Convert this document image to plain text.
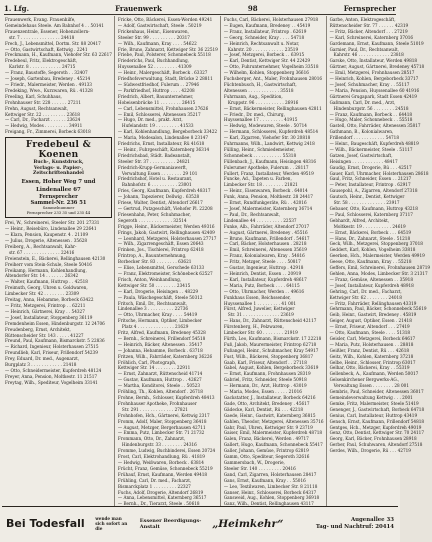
1. Lfg.	Frauenwerk	98	Fernsprecher
Frauenwerk, Evang. Frauenhilfe,
Gemeindehaus Steele. Am Bahnhof 4 . . 50141
Frauenzentrale, Essener, Hohenzollern-
str. 7 . . . . . . . . . . . . . . . 24418
Frech, J., Lebensmittel, Dortm. Str. 88 20417
— Otto, Gastwirtschaft, Kettwig . 2241
Freckmann, H., Kaufmann, Viehofer Str. 63 22617
Fredebeul, Fritz, Elektrogeschäft,
Karlstr. 8 . . . . . . . . . . . . 24715
— Franz, Baustoffe, Segeroth . . 32407
— Joseph, Gartenbau, Bredeney . 45214
— Friedr., Malermeister, Werden . 49133
Fredeking, Wwe., Kurzwaren, Rü . 41328
Freeling, Karl, Schuhhaus,
Frohnhauser Str. 228 . . . . . . 27211
Frehn, August, Rechtsanwalt,
Kettwiger Str. 22 . . . . . . . . . 23618
— Carl, Dr., Facharzt . . . . . . 23624
— Hedwig, Modes . . . . . . . . . 34911
Freigang, Fr., Zimmerei, Borbeck 63018
Fredebeul &
Koenen
Buch-, Kunstdruck,
Verlags- u. Papier-,
Zeitschriftenhandel
Essen, Hoher Weg 7 und
Lindenallee 67
Fernsprecher
Sammel-Nr. 236 51
Sammelnummer
Fernsprecher 233 35 und 235 44
Frei, W., Schreinerei, Steeler Str. 201 27331
— Heinr., Reisebüro, Lindenallee 29 22641
— Klara, Pension, Kaupenstr. 4 . 21109
— Julius, Drogerie, Altenessen . 35628
Freiberg, A., Rechtsanwalt, Kahr-
str. 67 . . . . . . . . . . . . . . 22416
Freienstein, E., Bäckerei, Rellinghausen 42130
Freiherr vom Stein-Schule, Steele 50416
Freikamp, Hermann, Kohlenhandlung,
Altendorfer Str. 14 . . . . . . . 26342
— Walter, Kaufmann, Huttrop . . 42518
Freimuth, Georg, Uhren u. Goldwaren,
Limbecker Str. 42 . . . . . . . . 23309
Freitag, Anna, Hebamme, Borbeck 63422
— Fritz, Metzgerei, Frintrop . . 62211
— Heinrich, Gärtnerei, Kray . . 54327
— Josef, Installateur, Stoppenberg 36119
Fremdenheim Essen, Hindenburgstr. 12 24706
Freudenberg, Ernst, Architekt,
Rüttenscheider Str. 143 . . . . . 41227
Freund, Paul, Kaufmann, Bismarckstr. 5 22836
— Richard, Ingenieur, Holsterhausen 27515
Freundlieb, Karl, Friseur, Frillendorf 54239
Frey, Eduard, Dr. med., Augenarzt,
Burgplatz 3 . . . . . . . . . . . . 21418
— Otto, Schneidermeister, Kupferdreh 48124
Freyer, Anna, Pension, Moltkestr. 11 21517
Freytag, Wilh., Spediteur, Vogelheim 33141
Fricke, Otto, Bäckerei, Essen-Werden 49241
— Adolf, Gastwirtschaft, Steele . 50219
Frickenhaus, Heinr., Eisenwaren,
Steeler Str. 99 . . . . . . . . . . 20317
— Wilh., Kaufmann, Kray . . . . 54622
Frie, Bruno, Zahnarzt, Kettwiger Str. 36 22519
Friebe, Paul, Polsterer, Schonnebeck 55118
Friederichs, Paul, Buchhandlung,
Huyssenallee 52 . . . . . . . . . 41309
— Heinr., Malergeschäft, Borbeck . 63327
Friedhofsverwaltung, Stadt, Brücke 2 28811
— Südwestfriedhof, Fulerum . . 27946
— Parkfriedhof, Huttrop . . . . 42208
Friedrich, Albert, Bauunternehmer,
Hobeisenbrücke 11 . . . . . . . . 26415
— Carl, Lebensmittel, Frohnhausen 27626
— Emil, Schlosserei, Altenessen 35217
— Hugo, Dr. med., prakt. Arzt,
Hufelandstr. 19 . . . . . . . . . 41533
— Karl, Kohlenhandlung, Bergeborbeck 33422
— Maria, Modesalon, Lindenallee 8 23147
Friedrichs, Ernst, Installateur, Rü 41618
— Heinr., Fuhrgeschäft, Katernberg 36314
Friedrichsbad, Städt. Badeanstalt,
Steeler Str. 37 . . . . . . . . . . 24821
Friedrich-Krupp-Germaniawerft,
Verwaltung Essen . . . . . . . . 29 101
Friedrichshof, Hotel u. Restaurant,
Bahnhofstr. 6 . . . . . . . . . . 23001
Fries, Georg, Kaufmann, Kupferdreh 48317
— Johann, Tapezierer, Dellwig . 63528
Friese, Walter, Dentist, Altendorf 26617
— Gertrud, Putzgeschäft, Viehofer Pl. 22208
Friesenhahn, Peter, Schuhmacher,
Segeroth . . . . . . . . . . . . . 32514
Frigge, Heinr., Bäckermeister, Werden 49316
Frings, Jakob, Gastwirt, Rellinghausen 42409
— Leonhard, Metzgerei, Holsterhausen 27717
— Wilh., Zigarrengeschäft, Essen 20643
Frinken, Jos., Tischlerei, Frintrop 62418
Frintrop, A., Bauunternehmung,
Borbecker Str. 83 . . . . . . . . 63621
— Elise, Lebensmittel, Gerschede 63133
— Franz, Elektromeister, Schönebeck 62527
Frisch, Anton, Weinhandlung,
Kettwiger Str. 50 . . . . . . . . 23415
— Karl, Drogerie, Heisingen . . 48229
— Paula, Wäschegeschäft, Steele 50312
Fritsch, Emil, Dr., Rechtsanwalt,
Lindenallee 3 . . . . . . . . . . 22736
— Otto, Uhrmacher, Kray . . . . 54419
Fritsche, Hermann, Optiker, Limbecker
Platz 4 . . . . . . . . . . . . . . 21629
Fritz, Alfred, Kaufmann, Bredeney 45328
— Bernh., Schreinerei, Frillendorf 54518
— Heinrich, Bäcker, Altenessen . 35417
— Johanna, Hebamme, Borbeck . 63718
Fritzen, Wilh., Fahrräder, Katernberg 36226
Fröhlich, Carl, Photograph,
Kettwiger Str. 14 . . . . . . . . 22911
— Ernst, Zahnarzt, Rüttenscheid 41714
— Gustav, Kaufmann, Huttrop . . 42627
— Martha, Konditorei, Steele . . 50523
Fröhling, Th., Kohlen, Altendorf . 26718
Frohne, Bernh., Schlosser, Kupferdreh 48413
Frohnhauser Apotheke, Frohnhauser
Str. 291 . . . . . . . . . . . . . 27821
Frohnhofen, Hch., Gärtnerei, Kettwig 2317
Fromm, Adolf, Maler, Stoppenberg 36418
— August, Metzger, Bergerhausen 42711
— Emma, Putz, Limbecker Str. 71 21732
Frommann, Otto, Dr., Zahnarzt,
Hindenburgstr. 33 . . . . . . . . 24316
Fromme, Ludwig, Buchbinderei, Essen 20724
Frost, Carl, Elektrohandlung, Rü . 41819
— Hedwig, Weißwaren, Borbeck . 63814
Frücht, Franz, Gemüse, Schonnebeck 55219
Frühauf, Ernst, Kaufmann, Werden 49418
Frühling, Carl, Dr. med., Facharzt,
Bismarckplatz 1 . . . . . . . . . 22327
Fuchs, Adolf, Drogerie, Altendorf 26819
— Anna, Lebensmittel, Katernberg 36517
— Bernh., Dr., Tierarzt, Steele . 50618
Fuchs, Carl, Bäckerei, Holsterhausen 27918
— Eugen, Kaufmann, Bredeney . . 45419
— Franz, Installateur, Frintrop . 62619
— Georg, Schneider, Kray . . . . 54718
— Heinrich, Rechtsanwalt u. Notar,
Kahrstr. 20 . . . . . . . . . . . . 23519
— Josef, Metzgerei, Borbeck . . 63915
— Karl, Dentist, Kettwiger Str. 44 22429
— Otto, Fuhrunternehmer, Vogelheim 33518
— Wilhelm, Kohlen, Stoppenberg 36616
Fuchsberger, Ant., Maler, Frohnhausen 28016
Füchtenbusch, H., Gastwirtschaft,
Altenessen . . . . . . . . . . . . 35518
Fuhrmann, Aug., Spedition,
Kruppstr. 96 . . . . . . . . . . . 26916
— Ernst, Bäckermeister, Rellinghausen 42811
— Friedr., Dr. med., Chirurg,
Huyssenallee 17 . . . . . . . . . 41915
— Hedwig, Modewaren, Steele . 50714
— Hermann, Schlosserei, Kupferdreh 48514
— Karl, Zigarren, Viehofer Str. 30 20818
Fuhrmanns, Wilh., Landwirt, Kettwig 2418
Fülling, Heinr., Schmiedemeister,
Schonnebeck . . . . . . . . . . . 55318
Füllenbach, J., Kaufmann, Heisingen 48316
Fulerumer Apotheke, Fulerum . . 28117
Fullert, Franz, Installateur, Werden 49519
Funcke, Ad., Tapeten u. Farben,
Limbecker Str. 18 . . . . . . . . 21821
— Heinr., Eisenwaren, Borbeck . 64014
Funk, Anna, Pension, Moltkestr. 28 24417
— Ernst, Rundfunkgeräte, Rü . . 42016
— Josef, Malermeister, Katernberg 36714
— Paul, Dr., Rechtsanwalt,
Lindenallee 44 . . . . . . . . . . 22537
Funke, Alb., Fahrräder, Altendorf 27017
— August, Gärtnerei, Bredeney . 45516
— Bruno, Kaufmann, Frillendorf . 54617
— Carl, Bäcker, Holsterhausen . 28218
— Emil, Schreinerei, Altenessen 35619
— Franz, Kolonialwaren, Kray . 54816
— Fritz, Metzger, Steele . . . . 50817
— Gustav, Ingenieur, Huttrop . 42918
— Heinrich, Dentist, Essen . . 20919
— Karl, Installateur, Kupferdreh 48617
— Maria, Putz, Borbeck . . . . 64115
— Otto, Uhrmacher, Werden . . 49616
Funkhaus Essen, Reichssender,
Huyssenallee 1 . . . . . . . . . 41 001
Fürst, Alfred, Juwelier, Kettwiger
Str. 31 . . . . . . . . . . . . . . 23619
— Hans, Dr., Zahnarzt, Rüttenscheid 42117
Fürstenberg, H., Pelzwaren,
Limbecker Str. 60 . . . . . . . . 21919
Fürth, Leo, Kaufmann, Bismarckstr. 17 22218
Fuß, Jakob, Maurermeister, Frintrop 62718
Fußangel, Heinr., Schuhmacher, Kray 54917
Fust, Wilh., Bäckerei, Stoppenberg 36817
Gaab, Karl, Friseur, Altendorf . . 27118
Gabel, August, Kohlen, Bergeborbeck 33619
— Ernst, Kaufmann, Frohnhausen 28319
Gabriel, Fritz, Schneider, Steele 50918
— Hermann, Dr., Arzt, Huttrop . 43019
— Maria, Modes, Essen . . . . . 21016
Gackstatter, J., Installateur, Borbeck 64216
Gade, Otto, Architekt, Bredeney . 45617
Gädecke, Karl, Dentist, Rü . . . 42218
Gaede, Heinr., Gastwirt, Katernberg 36815
Gahlen, Theodor, Metzgerei, Altenessen 35716
Gahr, Paul, Uhren, Kettwiger Str. 9 23719
Gaiser, Emil, Malermeister, Kupferdreh 48718
Galen, Franz, Bäckerei, Werden . 49717
Gallert, Hugo, Kaufmann, Schonnebeck 55417
Galler, Johann, Gemüse, Frintrop 62819
Gamm, Otto, Spediteur, Segeroth 32616
Gammersbach, W., Drogerie,
Steeler Str. 140 . . . . . . . . . 20416
Gand, Carl, Zigarren, Holsterhausen 28417
Gans, Ernst, Kaufmann, Kray . . 55016
— Leo, Textilwaren, Limbecker Str. 8 21118
Ganser, Heinr., Schlosserei, Borbeck 64317
Gansweid, Aug., Kohlen, Stoppenberg 36918
Ganz, Wilh., Dentist, Rellinghausen 43117
Garbe, Anton, Elektrogeschäft,
Rüttenscheider Str. 77 . . . . . . 42319
— Fritz, Bäcker, Altendorf . . . 27219
— Karl, Schreinerei, Katernberg 37016
Gardemann, Ernst, Kaufmann, Steele 51019
Garnier, Paul, Dr., Rechtsanwalt,
Kahrstr. 46 . . . . . . . . . . . . 23818
Garske, Otto, Installateur, Werden 49818
Gärtner, August, Gärtnerei, Bredeney 45718
— Emil, Metzgerei, Frohnhausen 28517
— Heinrich, Kohlen, Bergeborbeck 33717
— Josef, Schuhmacher, Kray . . 55117
— Maria, Pension, Huyssenallee 60 41916
Gärtnerei Grugapark, Stadt Essen 42419
Gaßmann, Carl, Dr. med., Arzt,
Hindenburgstr. 56 . . . . . . . . 24518
— Franz, Kaufmann, Borbeck . . 64418
— Hugo, Maler, Schonnebeck . . 55518
Gastell, Otto, Fahrräder, Altenessen 35817
Gathmann, B., Kolonialwaren,
Frillendorf . . . . . . . . . . . . 54718
— Heinr., Baugeschäft, Kupferdreh 48819
— Wilh., Bäckermeister, Steele . 51117
Gatzen, Josef, Gastwirtschaft,
Heisingen . . . . . . . . . . . . 48417
Gaudig, Ernst, Drogerie, Rü . . . 42517
Gauer, Karl, Uhrmacher, Holsterhausen 28618
Gaul, Fritz, Schneider, Essen . . 21217
— Peter, Installateur, Frintrop . 62917
Gausepohl, A., Zigarren, Altendorf 27318
Gautsch, Heinr., Dentist, Kettwiger
Str. 58 . . . . . . . . . . . . . . 23917
Gebauer, Otto, Kaufmann, Huttrop 43218
— Paul, Schlosserei, Katernberg 37117
Gebhardt, Alfred, Architekt,
Moltkestr. 19 . . . . . . . . . . . 24619
— Ernst, Bäckerei, Borbeck . . . 64519
— Hans, Dr., Zahnarzt, Steele . 51218
Geck, Wilh., Metzgerei, Stoppenberg 37018
Geddert, Karl, Kohlen, Vogelheim 33818
Geerken, Hch., Malermeister, Werden 49919
Geese, Otto, Kaufmann, Kray . . 55218
Geffers, Emil, Schreinerei, Frohnhausen 28719
Gehlen, Anna, Modes, Limbecker Str. 3 21317
— Franz, Gemüse, Altenessen . . 35918
— Josef, Installateur, Kupferdreh 48918
Gehring, Carl, Dr. med., Facharzt,
Kettwiger Str. 62 . . . . . . . . 24018
— Fritz, Fahrräder, Rellinghausen 43319
Gehrmann, Paul, Bäcker, Schonnebeck 55619
Geib, Heinr., Gastwirt, Bredeney . 45819
Geiger, August, Optiker, Essen . 21418
— Ernst, Friseur, Altendorf . . . 27419
— Otto, Kaufmann, Steele . . . . 51318
Geisler, Carl, Metzgerei, Borbeck 64617
— Maria, Putz, Holsterhausen . . 28818
Geißler, Franz, Dentist, Rü . . . 42618
Geitz, Wilh., Kohlen, Katernberg 37218
Gelbe, Heinr., Schlosser, Frintrop 63017
Gelhar, Otto, Bäckerei, Kray . . 55319
Gellenbeck, A., Kaufmann, Werden 50017
Gelsenkirchener Bergwerks-AG.,
Verwaltung Essen . . . . . . . . 28 001
Gembris, Paul, Schneider, Altenessen 36017
Gemeindeverwaltung Kettwig . . . 2001
Gemke, Fritz, Malermeister, Steele 51419
Genenger, J., Gastwirtschaft, Borbeck 64718
Genius, Carl, Installateur, Huttrop 43419
Gensch, Ernst, Kaufmann, Frillendorf 54818
Gentges, Hch., Metzger, Kupferdreh 49019
Genz, Otto, Dentist, Kettwiger Str. 70 24117
Georg, Karl, Bäcker, Frohnhausen 28918
Gerber, Paul, Schuhwaren, Altendorf 27518
Gerdes, Wilh., Drogerie, Rü . . . 42719
Bei Todesfall	wende man sich sofort an die
Essener Beerdigungs-Anstalt	„Heimkehr“	Augenallee 33
Tag- und Nachtruf: 20414
